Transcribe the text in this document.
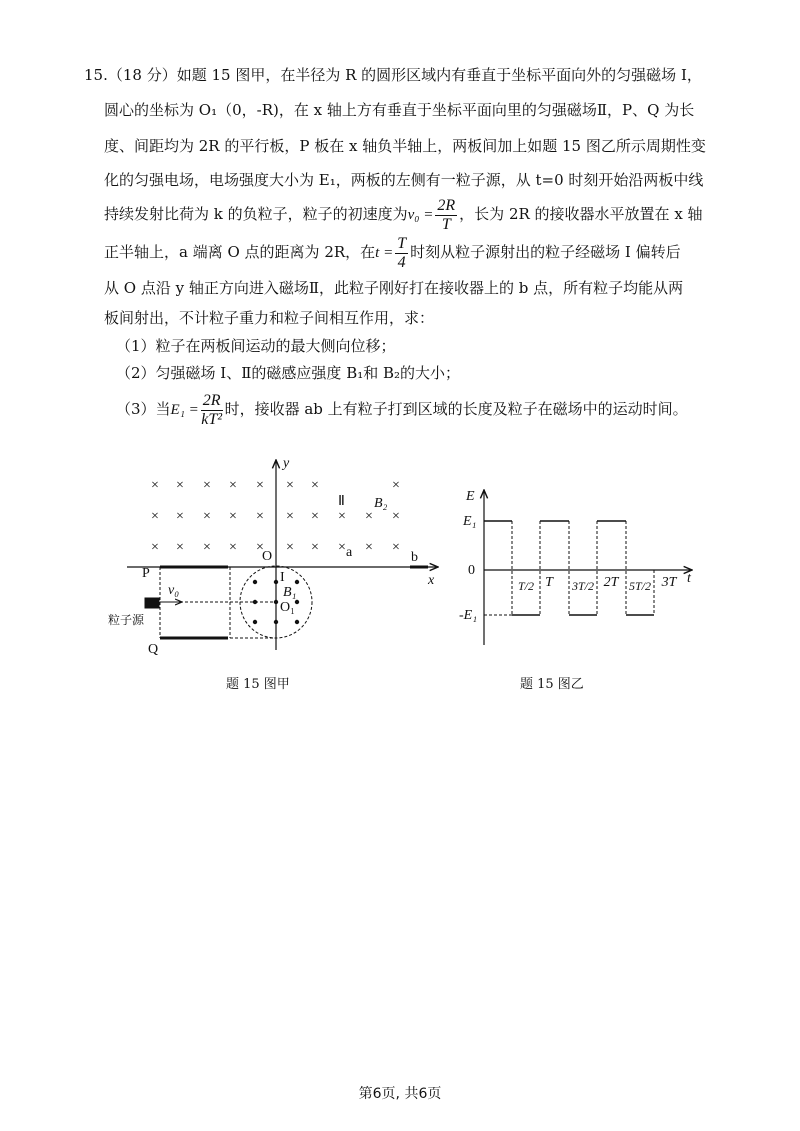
15.（18 分）如题 15 图甲，在半径为 R 的圆形区域内有垂直于坐标平面向外的匀强磁场 I，
圆心的坐标为 O₁（0，-R)，在 x 轴上方有垂直于坐标平面向里的匀强磁场Ⅱ，P、Q 为长
度、间距均为 2R 的平行板，P 板在 x 轴负半轴上，两板间加上如题 15 图乙所示周期性变
化的匀强电场，电场强度大小为 E₁，两板的左侧有一粒子源，从 t=0 时刻开始沿两板中线
持续发射比荷为 k 的负粒子，粒子的初速度为$v_0 = \frac{2R}{T}$ ，长为 2R 的接收器水平放置在 x 轴
正半轴上，a 端离 O 点的距离为 2R，在$t = \frac{T}{4}$ 时刻从粒子源射出的粒子经磁场 I 偏转后
从 O 点沿 y 轴正方向进入磁场Ⅱ，此粒子刚好打在接收器上的 b 点，所有粒子均能从两
板间射出，不计粒子重力和粒子间相互作用，求：
（1）粒子在两板间运动的最大侧向位移；
（2）匀强磁场 I、Ⅱ的磁感应强度 B₁和 B₂的大小；
（3）当$E_1 = \frac{2R}{\text{kT²}}$ 时，接收器 ab 上有粒子打到区域的长度及粒子在磁场中的运动时间。
×
×
×
×
×
×
×
×
×
×
×
×
×
×
×
×
×
×
×
×
×
×
×
×
×
×
×
×
y
x
O
Ⅱ B₂
a	b
P
Q
v₀
I
B₁
O₁
粒子源
E
t
E₁
0
-E₁
T/2 T 3T/2 2T 5T/2 3T
题 15 图甲	题 15 图乙
第6页, 共6页
